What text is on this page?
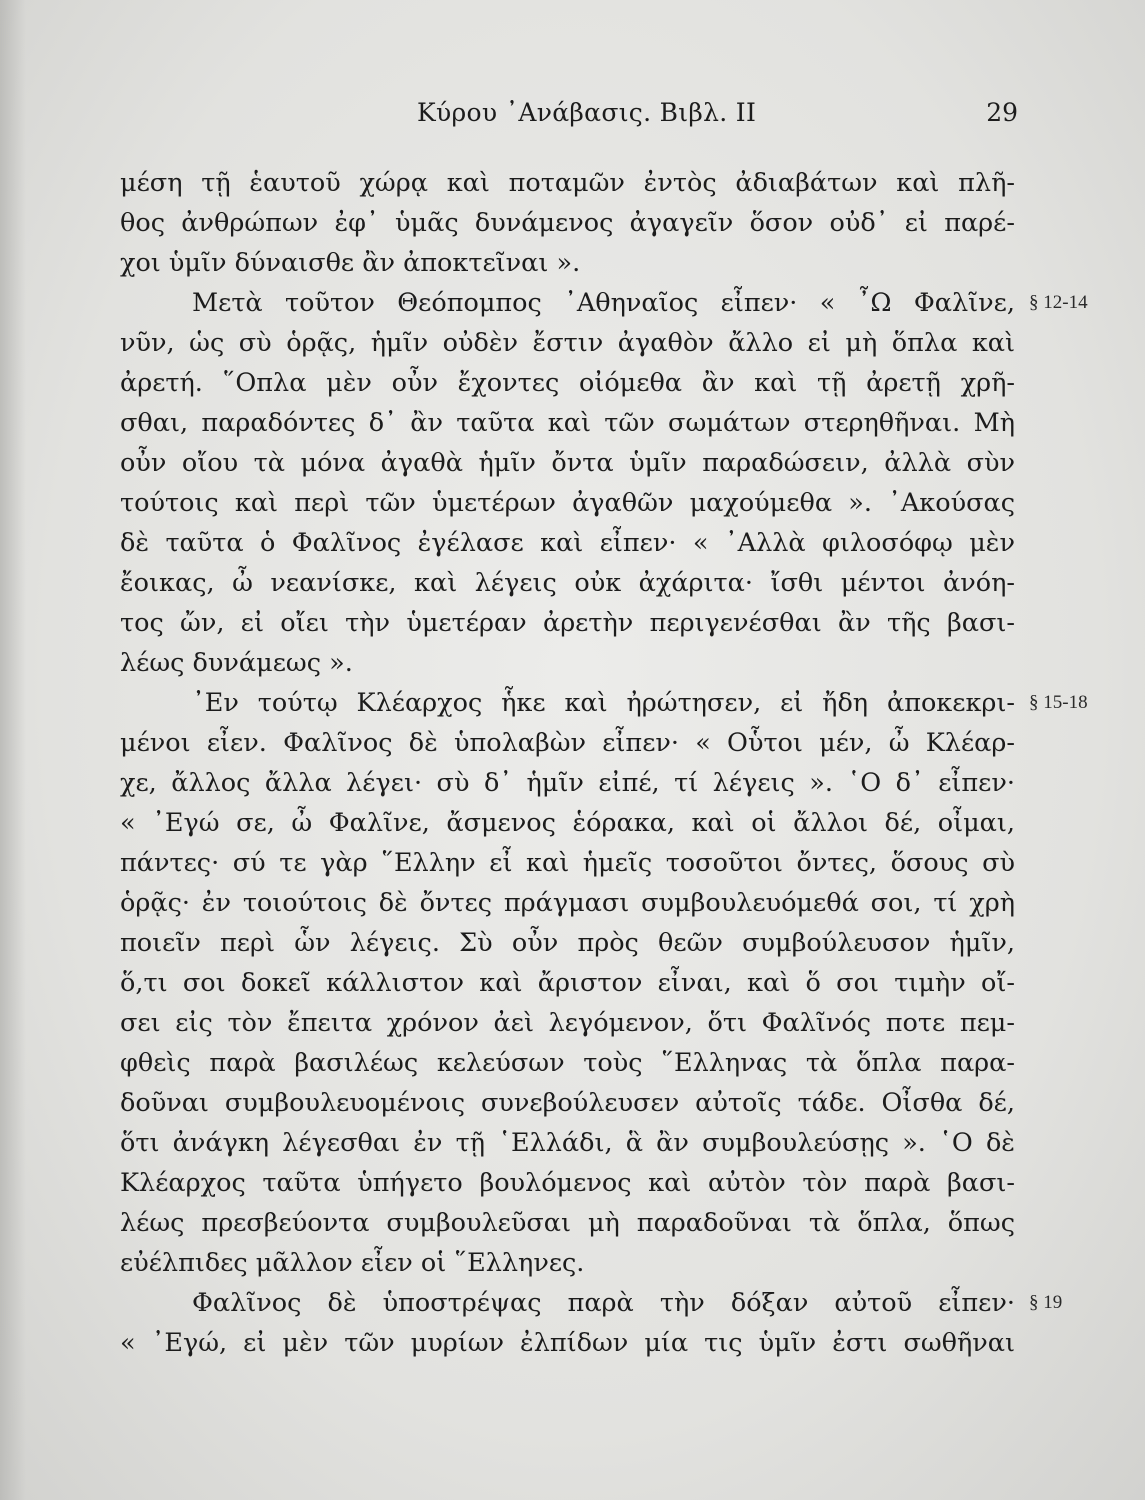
Κύρου ᾿Ανάβασις. Βιβλ. II	29
μέση τῇ ἑαυτοῦ χώρᾳ καὶ ποταμῶν ἐντὸς ἀδιαβάτων καὶ πλῆ-
θος ἀνθρώπων ἐφ᾿ ὑμᾶς δυνάμενος ἀγαγεῖν ὅσον οὐδ᾿ εἰ παρέ-
χοι ὑμῖν δύναισθε ἂν ἀποκτεῖναι ».
Μετὰ τοῦτον Θεόπομπος ᾿Αθηναῖος εἶπεν· « ῏Ω Φαλῖνε,
νῦν, ὡς σὺ ὁρᾷς, ἡμῖν οὐδὲν ἔστιν ἀγαθὸν ἄλλο εἰ μὴ ὅπλα καὶ
ἀρετή. ῞Οπλα μὲν οὖν ἔχοντες οἰόμεθα ἂν καὶ τῇ ἀρετῇ χρῆ-
σθαι, παραδόντες δ᾿ ἂν ταῦτα καὶ τῶν σωμάτων στερηθῆναι. Μὴ
οὖν οἴου τὰ μόνα ἀγαθὰ ἡμῖν ὄντα ὑμῖν παραδώσειν, ἀλλὰ σὺν
τούτοις καὶ περὶ τῶν ὑμετέρων ἀγαθῶν μαχούμεθα ». ᾿Ακούσας
δὲ ταῦτα ὁ Φαλῖνος ἐγέλασε καὶ εἶπεν· « ᾿Αλλὰ φιλοσόφῳ μὲν
ἔοικας, ὦ νεανίσκε, καὶ λέγεις οὐκ ἀχάριτα· ἴσθι μέντοι ἀνόη-
τος ὤν, εἰ οἴει τὴν ὑμετέραν ἀρετὴν περιγενέσθαι ἂν τῆς βασι-
λέως δυνάμεως ».
᾿Εν τούτῳ Κλέαρχος ἧκε καὶ ἠρώτησεν, εἰ ἤδη ἀποκεκρι-
μένοι εἶεν. Φαλῖνος δὲ ὑπολαβὼν εἶπεν· « Οὗτοι μέν, ὦ Κλέαρ-
χε, ἄλλος ἄλλα λέγει· σὺ δ᾿ ἡμῖν εἰπέ, τί λέγεις ». ῾Ο δ᾿ εἶπεν·
« ᾿Εγώ σε, ὦ Φαλῖνε, ἄσμενος ἑόρακα, καὶ οἱ ἄλλοι δέ, οἶμαι,
πάντες· σύ τε γὰρ ῞Ελλην εἶ καὶ ἡμεῖς τοσοῦτοι ὄντες, ὅσους σὺ
ὁρᾷς· ἐν τοιούτοις δὲ ὄντες πράγμασι συμβουλευόμεθά σοι, τί χρὴ
ποιεῖν περὶ ὧν λέγεις. Σὺ οὖν πρὸς θεῶν συμβούλευσον ἡμῖν,
ὅ,τι σοι δοκεῖ κάλλιστον καὶ ἄριστον εἶναι, καὶ ὅ σοι τιμὴν οἴ-
σει εἰς τὸν ἔπειτα χρόνον ἀεὶ λεγόμενον, ὅτι Φαλῖνός ποτε πεμ-
φθεὶς παρὰ βασιλέως κελεύσων τοὺς ῞Ελληνας τὰ ὅπλα παρα-
δοῦναι συμβουλευομένοις συνεβούλευσεν αὐτοῖς τάδε. Οἶσθα δέ,
ὅτι ἀνάγκη λέγεσθαι ἐν τῇ ῾Ελλάδι, ἃ ἂν συμβουλεύσῃς ». ῾Ο δὲ
Κλέαρχος ταῦτα ὑπήγετο βουλόμενος καὶ αὐτὸν τὸν παρὰ βασι-
λέως πρεσβεύοντα συμβουλεῦσαι μὴ παραδοῦναι τὰ ὅπλα, ὅπως
εὐέλπιδες μᾶλλον εἶεν οἱ ῞Ελληνες.
Φαλῖνος δὲ ὑποστρέψας παρὰ τὴν δόξαν αὐτοῦ εἶπεν·
« ᾿Εγώ, εἰ μὲν τῶν μυρίων ἐλπίδων μία τις ὑμῖν ἐστι σωθῆναι
§ 12-14
§ 15-18
§ 19
